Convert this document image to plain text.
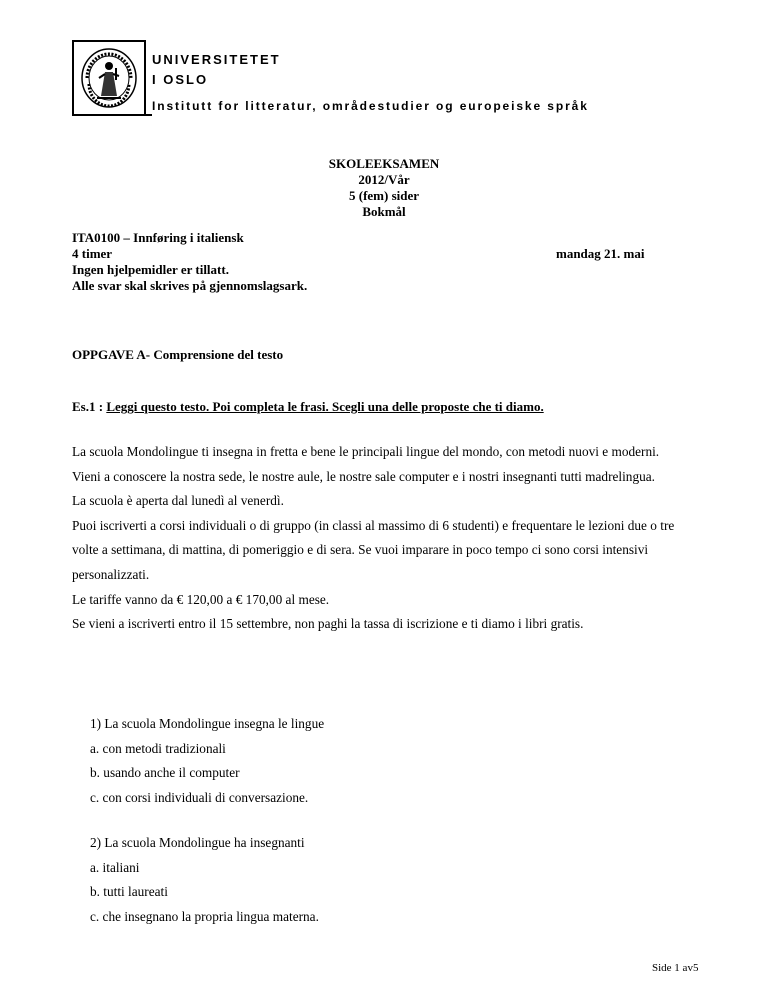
UNIVERSITETET
I OSLO
Institutt for litteratur, områdestudier og europeiske språk
SKOLEEKSAMEN
2012/Vår
5 (fem) sider
Bokmål
ITA0100 – Innføring i italiensk
4 timer
Ingen hjelpemidler er tillatt.
Alle svar skal skrives på gjennomslagsark.
mandag 21. mai
OPPGAVE A- Comprensione del testo
Es.1 : Leggi questo testo. Poi completa le frasi. Scegli una delle proposte che ti diamo.

La scuola Mondolingue ti insegna in fretta e bene le principali lingue del mondo, con metodi nuovi e moderni.

Vieni a conoscere la nostra sede, le nostre aule, le nostre sale computer e i nostri insegnanti tutti madrelingua.

La scuola è aperta dal lunedì al venerdì.

Puoi iscriverti a corsi individuali o di gruppo (in classi al massimo di 6 studenti) e frequentare le lezioni due o tre volte a settimana, di mattina, di pomeriggio e di sera. Se vuoi imparare in poco tempo ci sono corsi intensivi personalizzati.

Le tariffe vanno da € 120,00 a € 170,00 al mese.

Se vieni a iscriverti entro il 15 settembre, non paghi la tassa di iscrizione e ti diamo i libri gratis.

1) La scuola Mondolingue insegna le lingue
a. con metodi tradizionali
b. usando anche il computer
c. con corsi individuali di conversazione.
2) La scuola Mondolingue ha insegnanti
a. italiani
b. tutti laureati
c. che insegnano la propria lingua materna.
Side 1 av5
